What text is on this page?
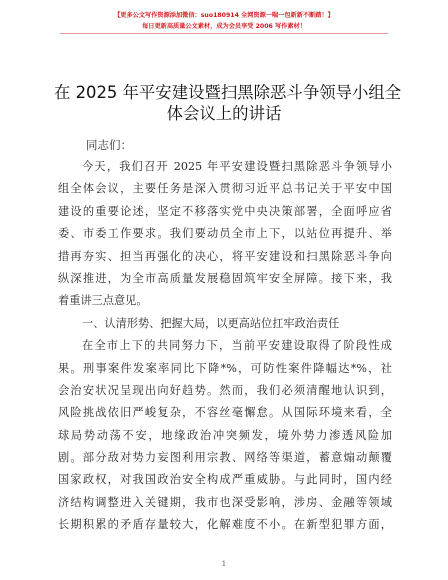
【更多公文写作资源添加微信：suo180914 全网资源一喘一包新新不断踏！】
每日更新高质量公文素材，成为会员享受 2006 写作素材！
在 2025 年平安建设暨扫黑除恶斗争领导小组全
体会议上的讲话
同志们：
今天，我们召开 2025 年平安建设暨扫黑除恶斗争领导小
组全体会议，主要任务是深入贯彻习近平总书记关于平安中国
建设的重要论述，坚定不移落实党中央决策部署，全面呼应省
委、市委工作要求。我们要动员全市上下，以站位再提升、举
措再夯实、担当再强化的决心，将平安建设和扫黑除恶斗争向
纵深推进，为全市高质量发展稳固筑牢安全屏障。接下来，我
着重讲三点意见。
一、认清形势、把握大局，以更高站位扛牢政治责任
在全市上下的共同努力下，当前平安建设取得了阶段性成
果。刑事案件发案率同比下降*%，可防性案件降幅达*%，社
会治安状况呈现出向好趋势。然而，我们必须清醒地认识到，
风险挑战依旧严峻复杂，不容丝毫懈怠。从国际环境来看，全
球局势动荡不安，地缘政治冲突频发，境外势力渗透风险加
剧。部分敌对势力妄图利用宗教、网络等渠道，蓄意煽动颠覆
国家政权，对我国政治安全构成严重威胁。与此同时，国内经
济结构调整进入关键期，我市也深受影响，涉房、金融等领域
长期积累的矛盾存量较大，化解难度不小。在新型犯罪方面，
1
